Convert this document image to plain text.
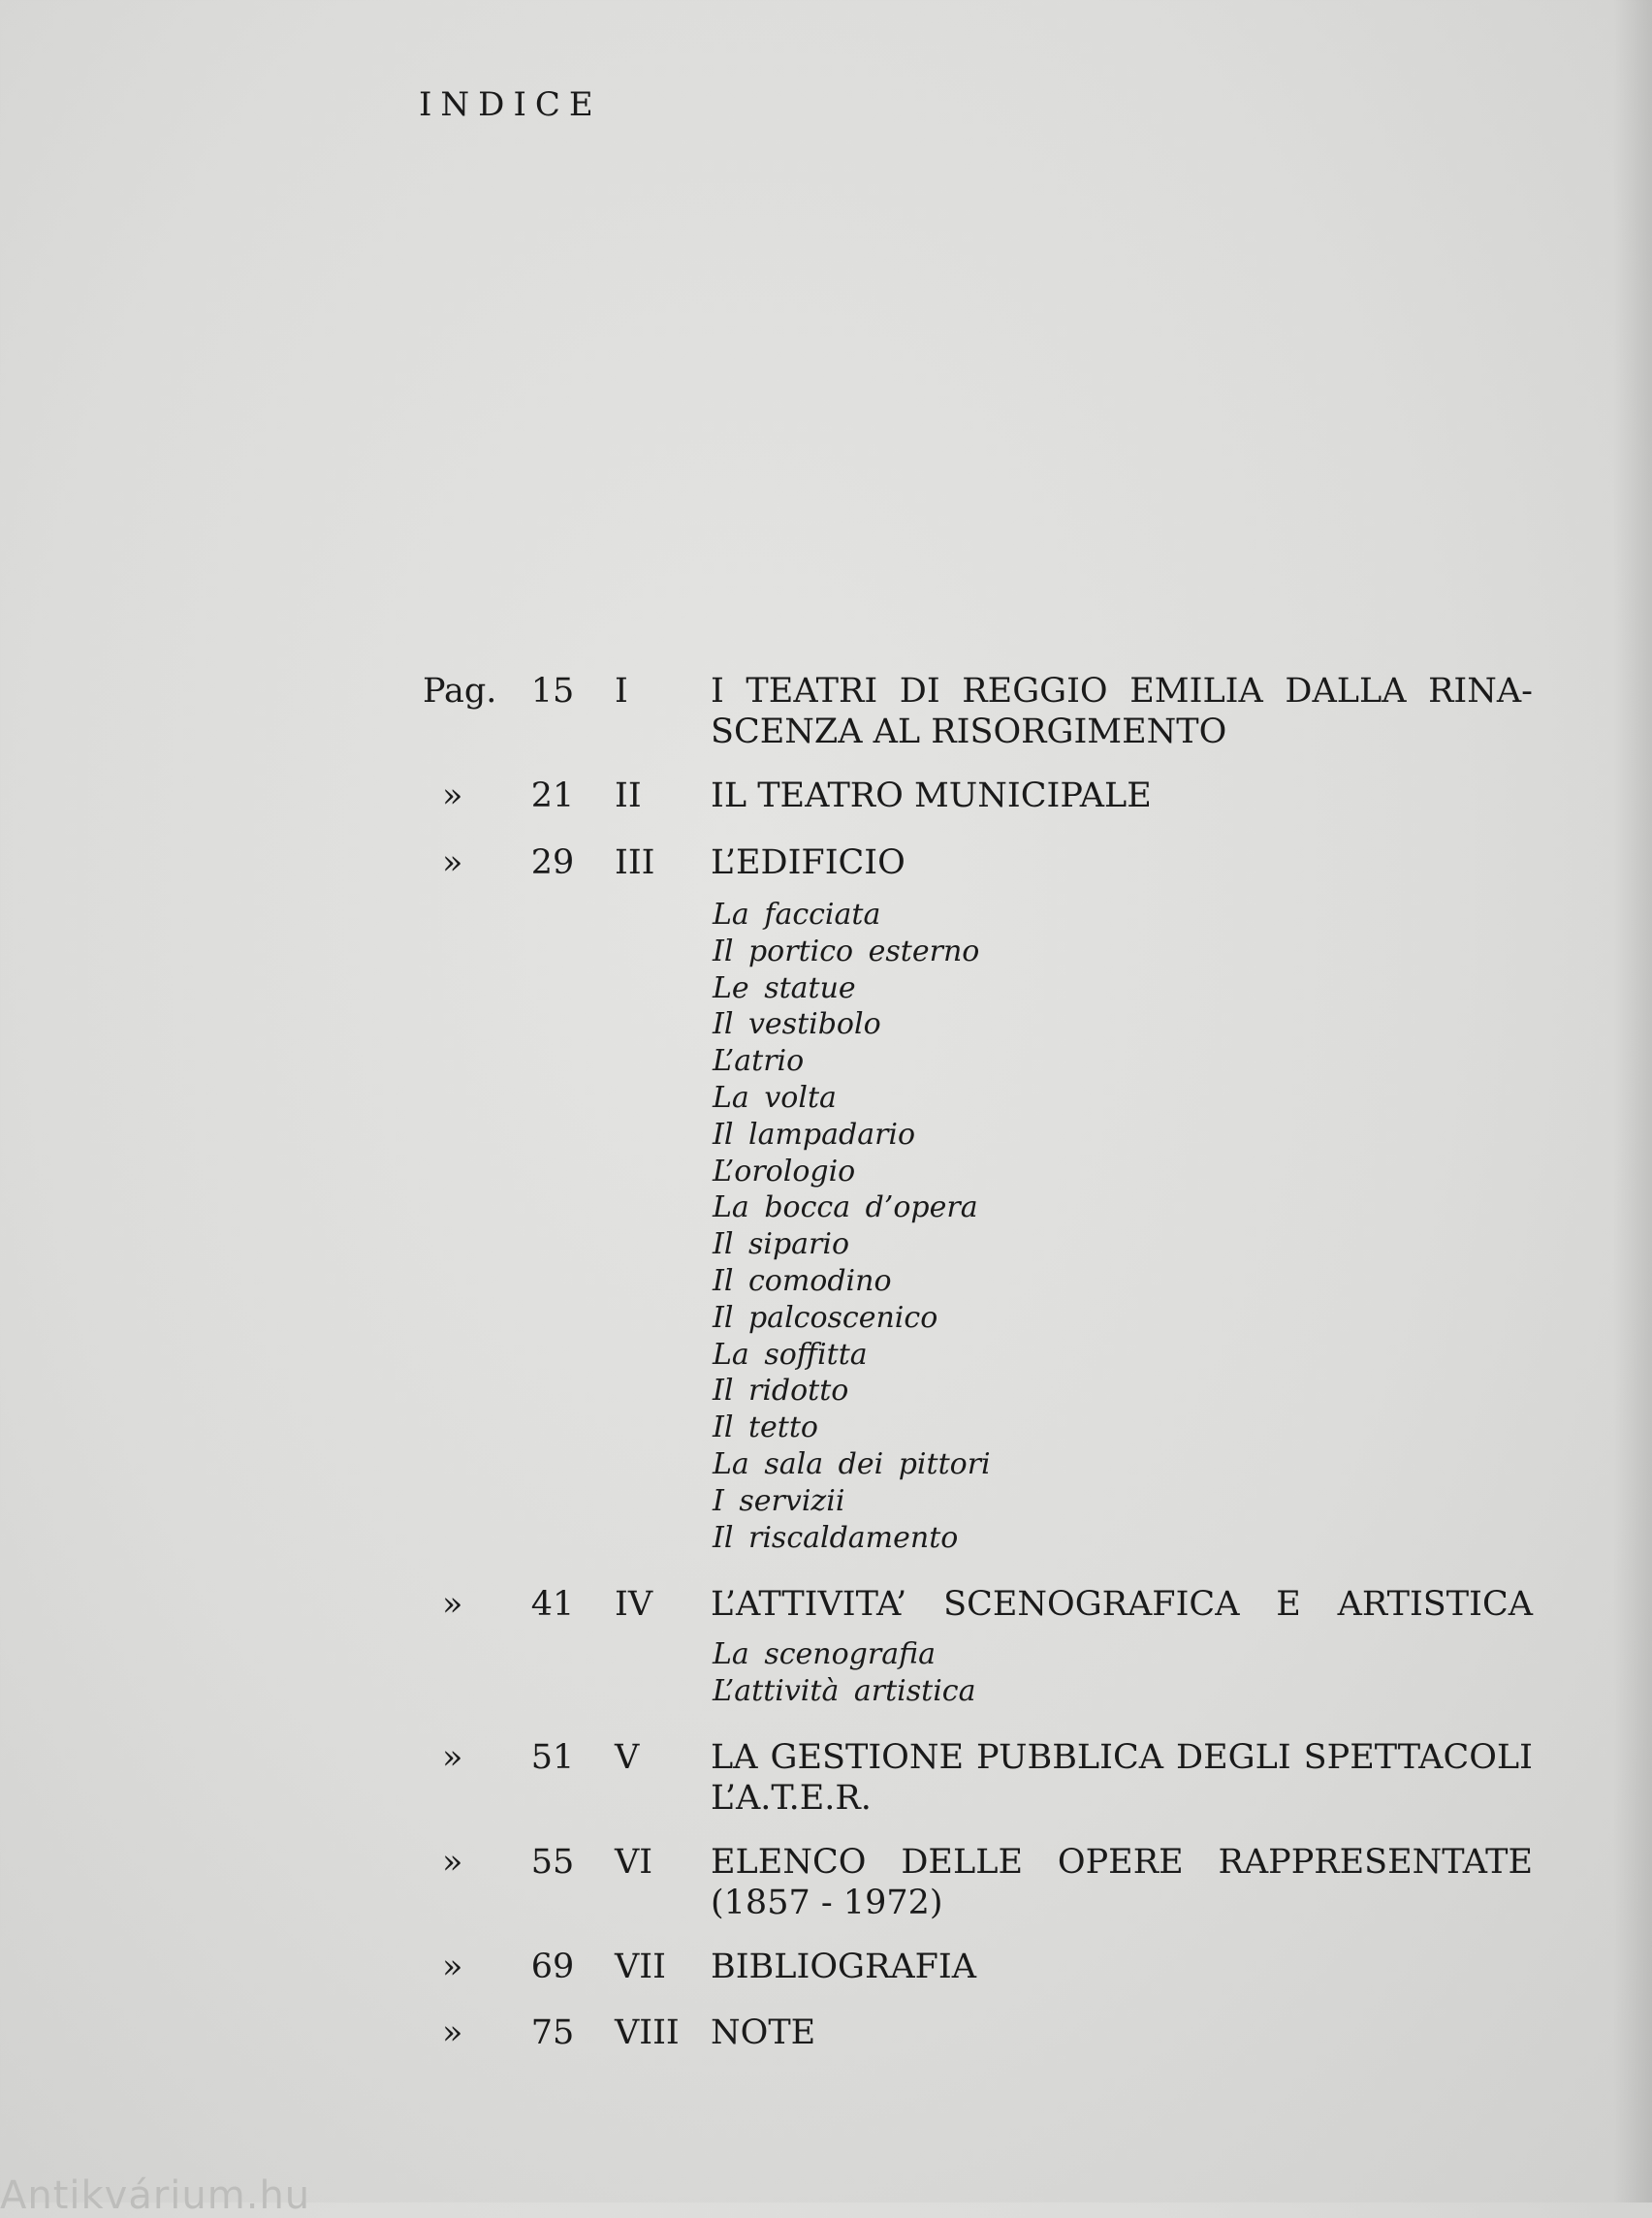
INDICE
Pag.	15	I	I TEATRI DI REGGIO EMILIA DALLA RINA-SCENZA AL RISORGIMENTO
»	21	II	IL TEATRO MUNICIPALE
»	29	III	L’EDIFICIO
La facciata
Il portico esterno
Le statue
Il vestibolo
L’atrio
La volta
Il lampadario
L’orologio
La bocca d’opera
Il sipario
Il comodino
Il palcoscenico
La soffitta
Il ridotto
Il tetto
La sala dei pittori
I servizii
Il riscaldamento
»	41	IV	L’ATTIVITA’ SCENOGRAFICA E ARTISTICA
La scenografia
L’attività artistica
»	51	V	LA GESTIONE PUBBLICA DEGLI SPETTACOLI L’A.T.E.R.
»	55	VI	ELENCO DELLE OPERE RAPPRESENTATE (1857 - 1972)
»	69	VII	BIBLIOGRAFIA
»	75	VIII NOTE
Antikvárium.hu
